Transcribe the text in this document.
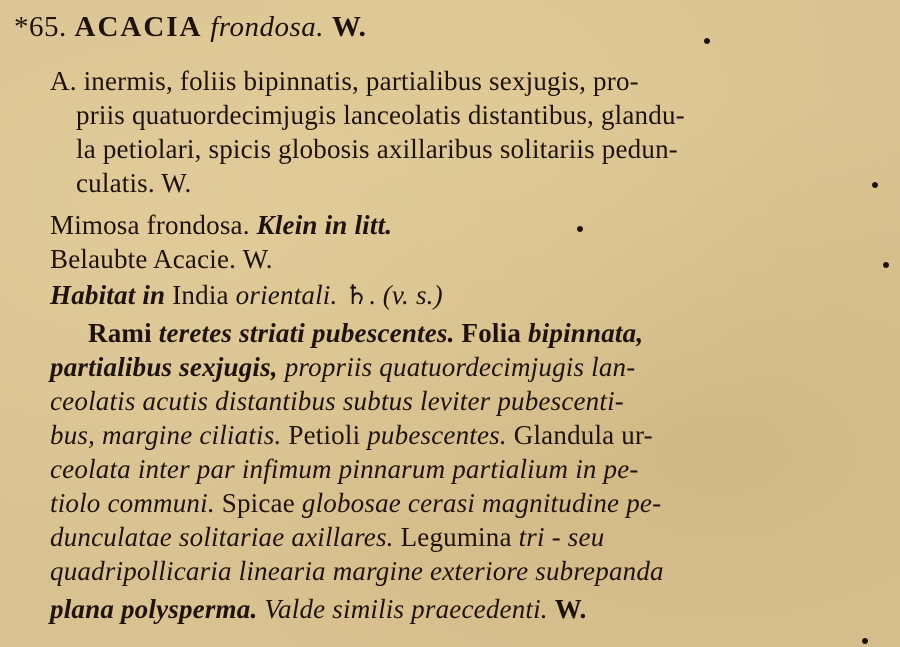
*65. ACACIA frondosa. W.
A. inermis, foliis bipinnatis, partialibus sexjugis, pro-
priis quatuordecimjugis lanceolatis distantibus, glandu-
la petiolari, spicis globosis axillaribus solitariis pedun-
culatis. W.
Mimosa frondosa. Klein in litt.
Belaubte Acacie. W.
Habitat in India orientali. ♄. (v. s.)
Rami teretes striati pubescentes. Folia bipinnata,
partialibus sexjugis, propriis quatuordecimjugis lan-
ceolatis acutis distantibus subtus leviter pubescenti-
bus, margine ciliatis. Petioli pubescentes. Glandula ur-
ceolata inter par infimum pinnarum partialium in pe-
tiolo communi. Spicae globosae cerasi magnitudine pe-
dunculatae solitariae axillares. Legumina tri - seu
quadripollicaria linearia margine exteriore subrepanda
plana polysperma. Valde similis praecedenti. W.
